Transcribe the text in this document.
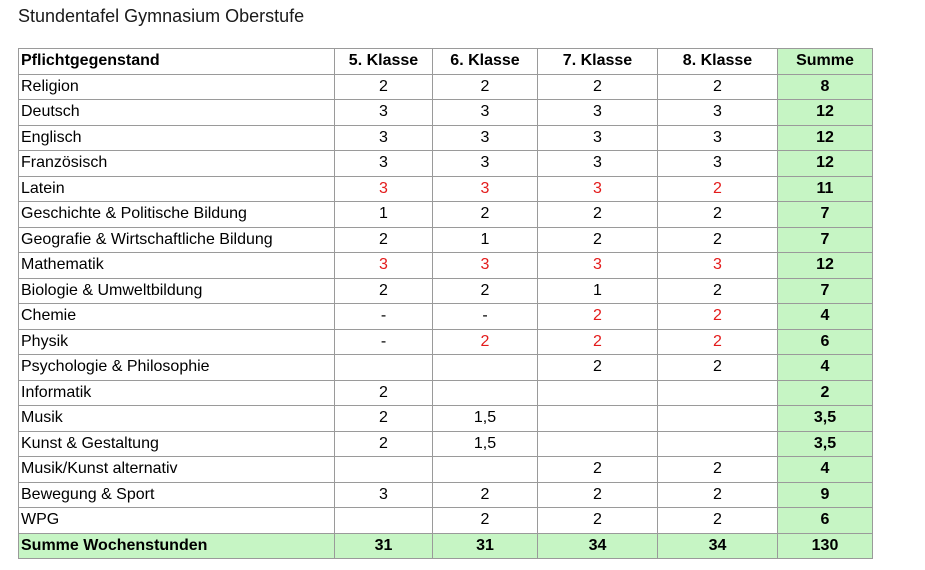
Stundentafel Gymnasium Oberstufe
Pflichtgegenstand	5. Klasse	6. Klasse	7. Klasse	8. Klasse	Summe
Religion	2	2	2	2	8
Deutsch	3	3	3	3	12
Englisch	3	3	3	3	12
Französisch	3	3	3	3	12
Latein	3	3	3	2	11
Geschichte & Politische Bildung	1	2	2	2	7
Geografie & Wirtschaftliche Bildung	2	1	2	2	7
Mathematik	3	3	3	3	12
Biologie & Umweltbildung	2	2	1	2	7
Chemie	-	-	2	2	4
Physik	-	2	2	2	6
Psychologie & Philosophie			2	2	4
Informatik	2				2
Musik	2	1,5			3,5
Kunst & Gestaltung	2	1,5			3,5
Musik/Kunst alternativ			2	2	4
Bewegung & Sport	3	2	2	2	9
WPG		2	2	2	6
Summe Wochenstunden	31	31	34	34	130
